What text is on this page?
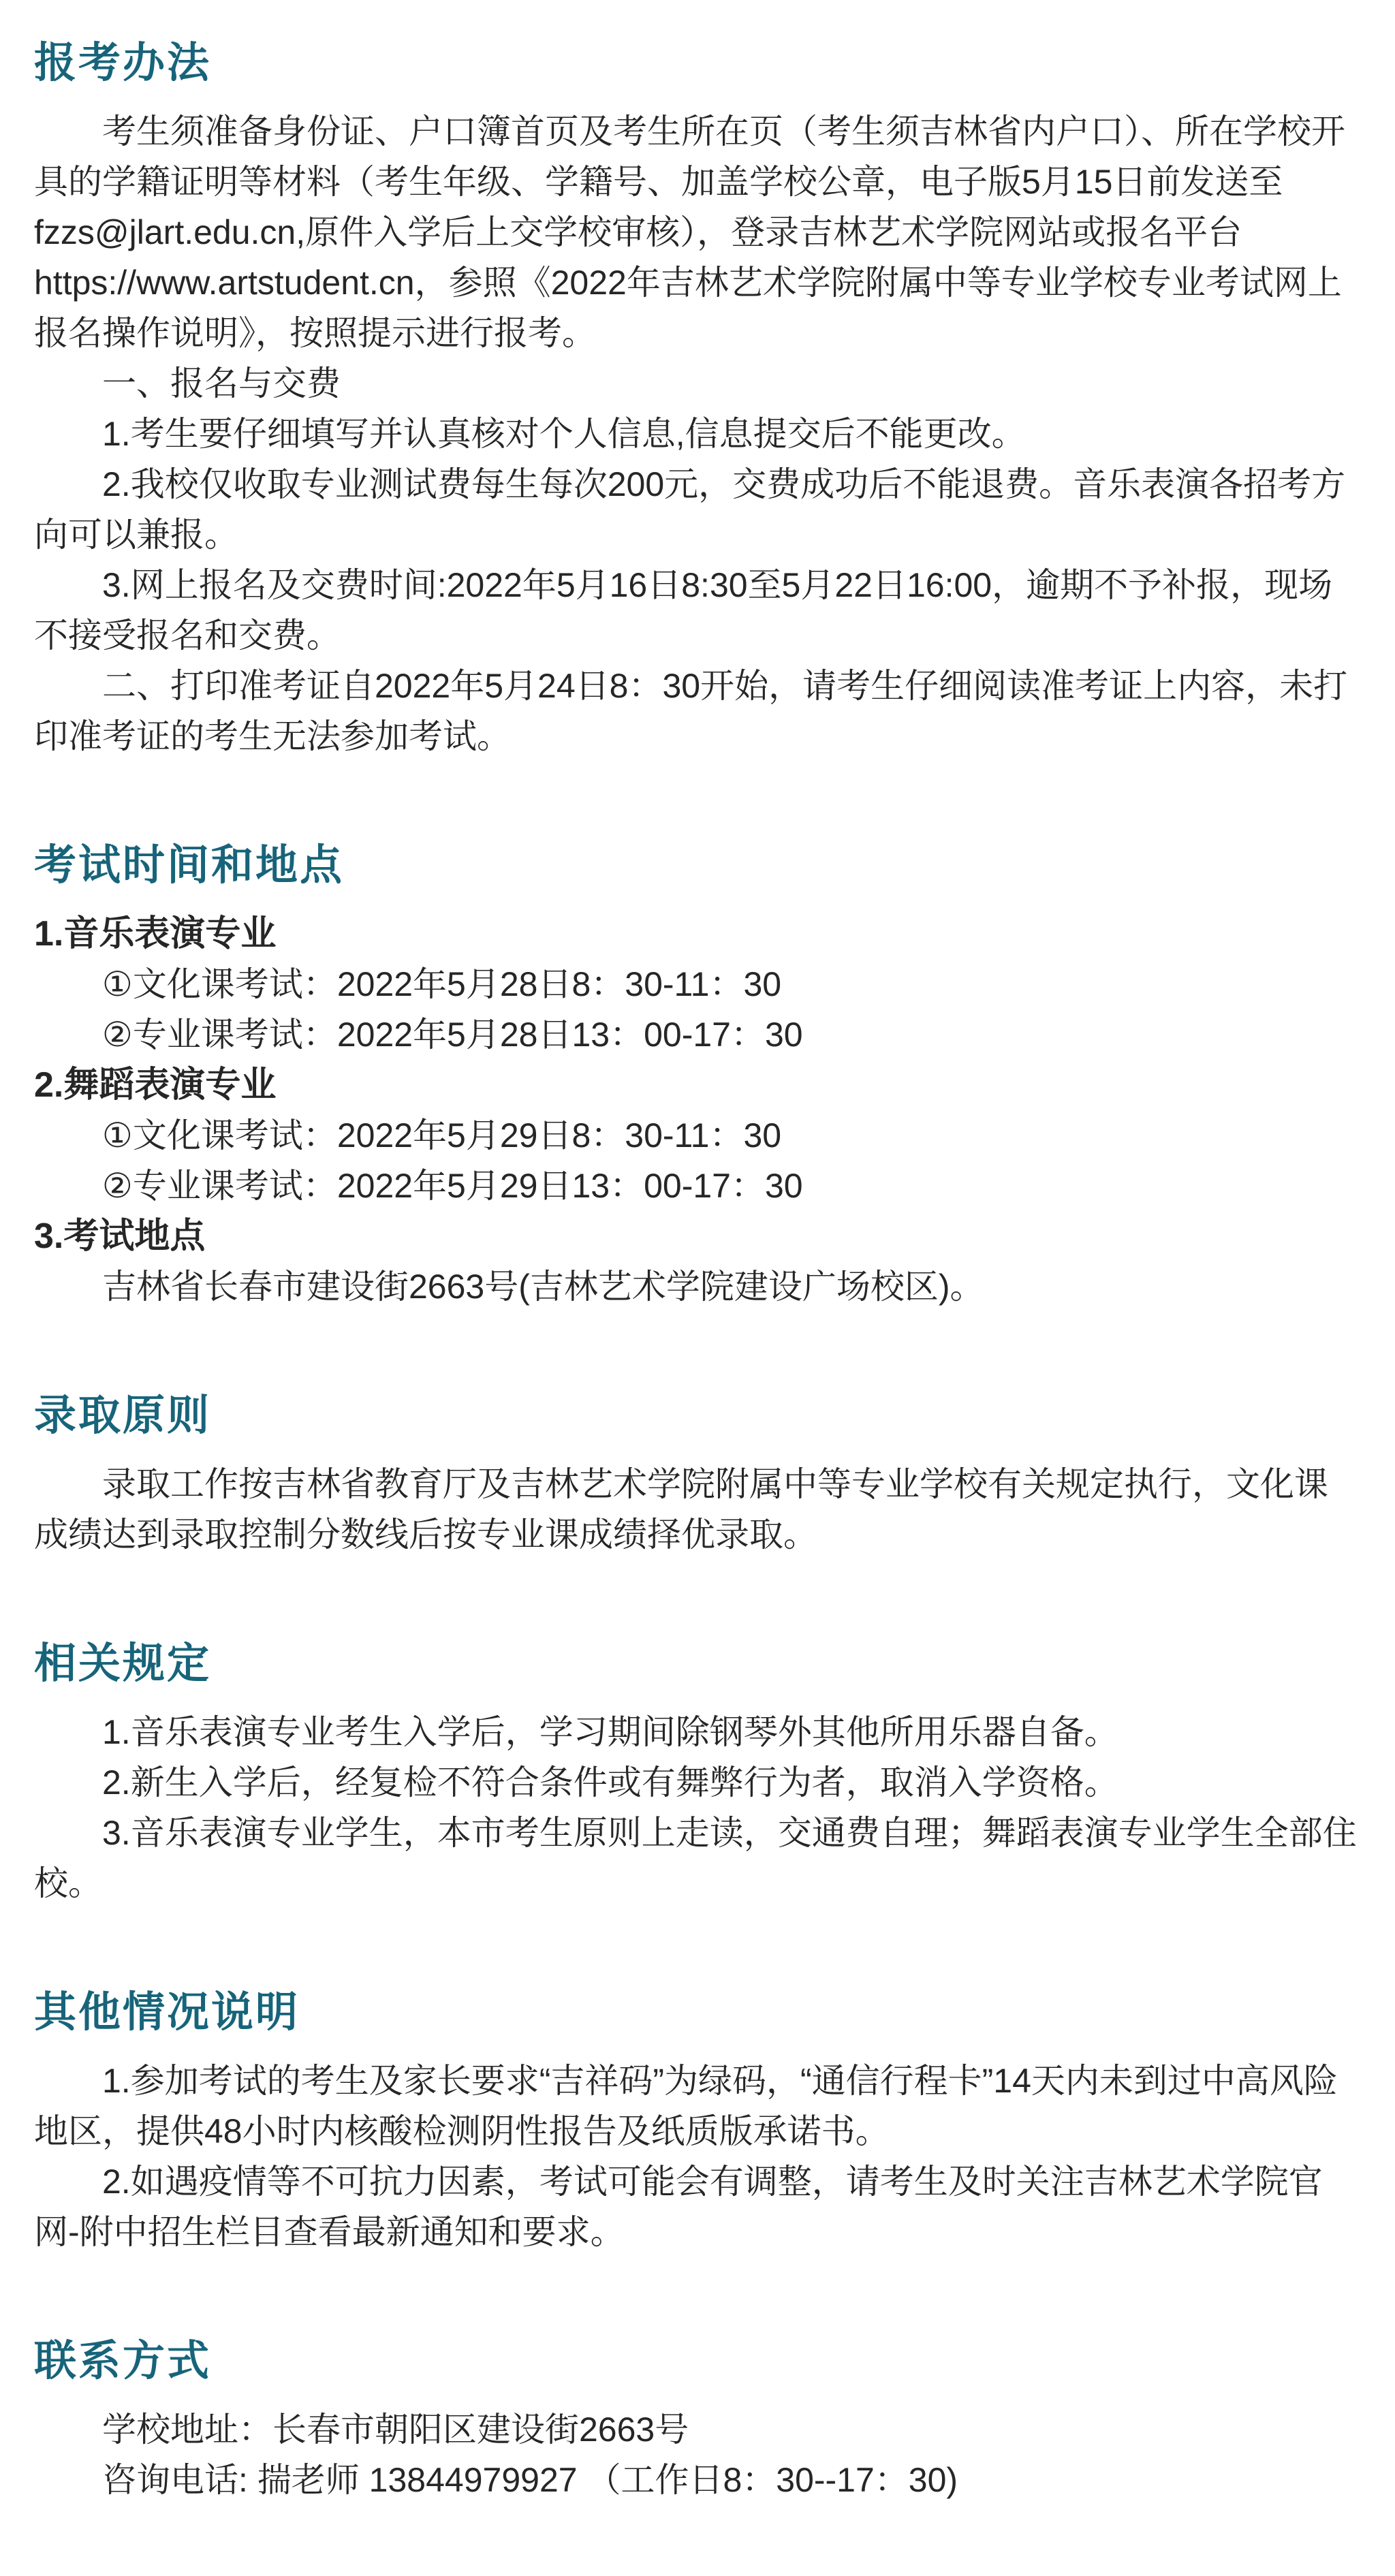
报考办法

考生须准备身份证、户口簿首页及考生所在页（考生须吉林省内户口）、所在学校开具的学籍证明等材料（考生年级、学籍号、加盖学校公章，电子版5月15日前发送至fzzs@jlart.edu.cn,原件入学后上交学校审核），登录吉林艺术学院网站或报名平台https://www.artstudent.cn，参照《2022年吉林艺术学院附属中等专业学校专业考试网上报名操作说明》，按照提示进行报考。

一、报名与交费

1.考生要仔细填写并认真核对个人信息,信息提交后不能更改。

2.我校仅收取专业测试费每生每次200元，交费成功后不能退费。音乐表演各招考方向可以兼报。

3.网上报名及交费时间:2022年5月16日8:30至5月22日16:00，逾期不予补报，现场不接受报名和交费。

二、打印准考证自2022年5月24日8：30开始，请考生仔细阅读准考证上内容，未打印准考证的考生无法参加考试。

考试时间和地点

1.音乐表演专业

①文化课考试：2022年5月28日8：30-11：30

②专业课考试：2022年5月28日13：00-17：30

2.舞蹈表演专业

①文化课考试：2022年5月29日8：30-11：30

②专业课考试：2022年5月29日13：00-17：30

3.考试地点

吉林省长春市建设街2663号(吉林艺术学院建设广场校区)。

录取原则

录取工作按吉林省教育厅及吉林艺术学院附属中等专业学校有关规定执行，文化课成绩达到录取控制分数线后按专业课成绩择优录取。

相关规定

1.音乐表演专业考生入学后，学习期间除钢琴外其他所用乐器自备。

2.新生入学后，经复检不符合条件或有舞弊行为者，取消入学资格。

3.音乐表演专业学生，本市考生原则上走读，交通费自理；舞蹈表演专业学生全部住校。

其他情况说明

1.参加考试的考生及家长要求“吉祥码”为绿码，“通信行程卡”14天内未到过中高风险地区，提供48小时内核酸检测阴性报告及纸质版承诺书。

2.如遇疫情等不可抗力因素，考试可能会有调整，请考生及时关注吉林艺术学院官网-附中招生栏目查看最新通知和要求。

联系方式

学校地址：长春市朝阳区建设街2663号

咨询电话: 揣老师 13844979927 （工作日8：30--17：30)
